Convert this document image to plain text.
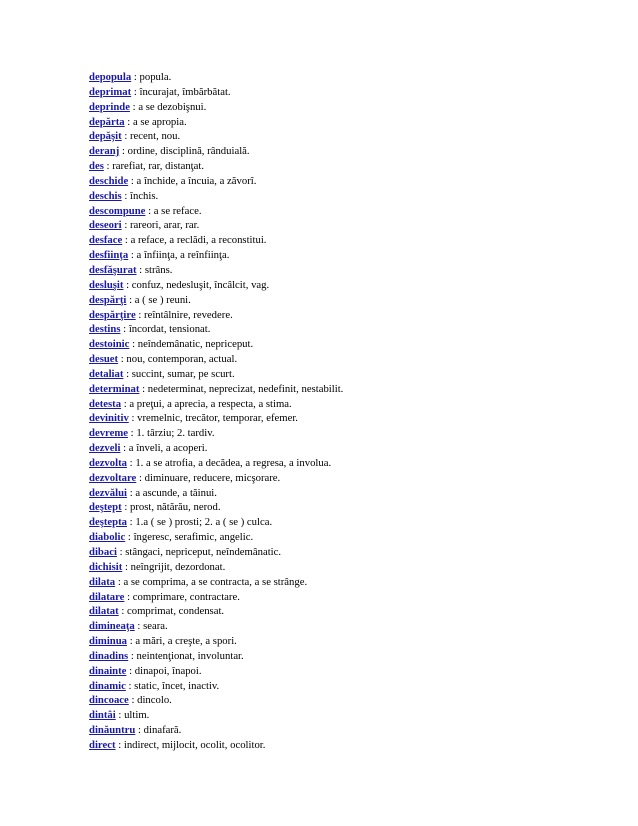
depopula : popula.
deprimat : încurajat, îmbărbătat.
deprinde : a se dezobişnui.
depărta : a se apropia.
depăşit : recent, nou.
deranj : ordine, disciplină, rânduială.
des : rarefiat, rar, distanţat.
deschide : a închide, a încuia, a zăvorî.
deschis : închis.
descompune : a se reface.
deseori : rareori, arar, rar.
desface : a reface, a reclădi, a reconstitui.
desfiinţa : a înfiinţa, a reînfiinţa.
desfăşurat : strâns.
desluşit : confuz, nedesluşit, încâlcit, vag.
despărţi : a ( se ) reuni.
despărţire : reîntâlnire, revedere.
destins : încordat, tensionat.
destoinic : neîndemânatic, nepriceput.
desuet : nou, contemporan, actual.
detaliat : succint, sumar, pe scurt.
determinat : nedeterminat, neprecizat, nedefinit, nestabilit.
detesta : a preţui, a aprecia, a respecta, a stima.
devinitiv : vremelnic, trecător, temporar, efemer.
devreme : 1. târziu; 2. tardiv.
dezveli : a înveli, a acoperi.
dezvolta : 1. a se atrofia, a decădea, a regresa, a involua.
dezvoltare : diminuare, reducere, micşorare.
dezvălui : a ascunde, a tăinui.
deştept : prost, nătărău, nerod.
deştepta : 1.a ( se ) prosti; 2. a ( se ) culca.
diabolic : îngeresc, serafimic, angelic.
dibaci : stângaci, nepriceput, neîndemânatic.
dichisit : neîngrijit, dezordonat.
dilata : a se comprima, a se contracta, a se strânge.
dilatare : comprimare, contractare.
dilatat : comprimat, condensat.
dimineaţa : seara.
diminua : a mări, a creşte, a spori.
dinadins : neintenţionat, involuntar.
dinainte : dinapoi, înapoi.
dinamic : static, încet, inactiv.
dincoace : dincolo.
dintâi : ultim.
dinăuntru : dinafară.
direct : indirect, mijlocit, ocolit, ocolitor.
